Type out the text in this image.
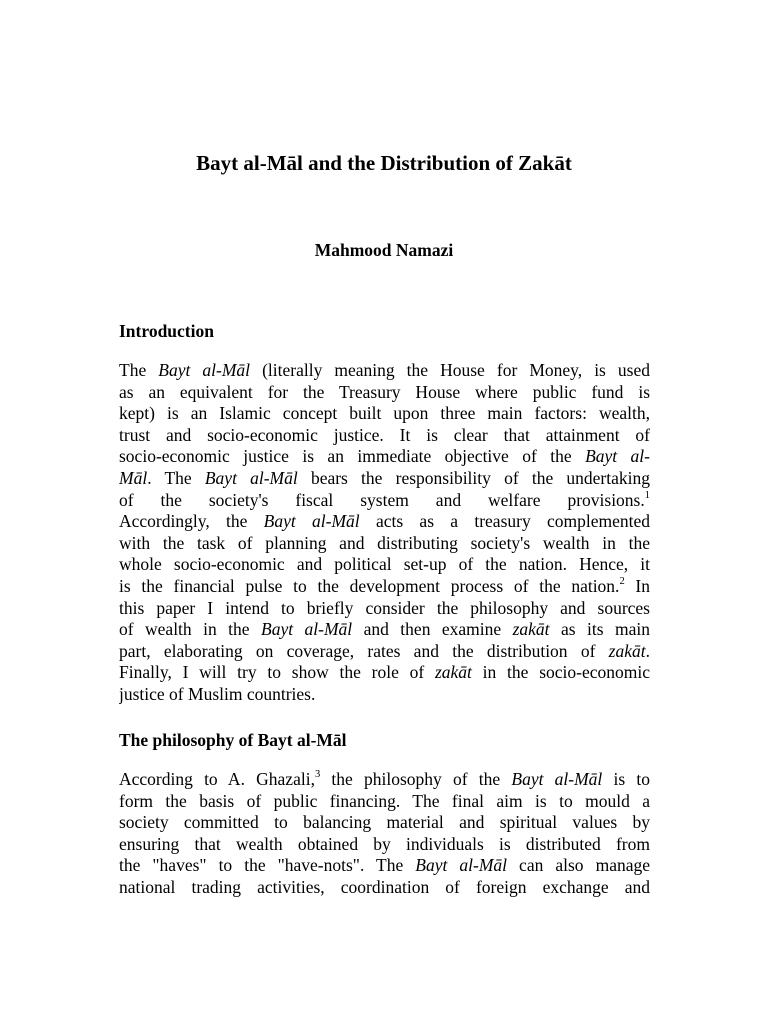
Bayt al-Māl and the Distribution of Zakāt
Mahmood Namazi
Introduction
The Bayt al-Māl (literally meaning the House for Money, is used
as an equivalent for the Treasury House where public fund is
kept) is an Islamic concept built upon three main factors: wealth,
trust and socio-economic justice. It is clear that attainment of
socio-economic justice is an immediate objective of the Bayt al-
Māl. The Bayt al-Māl bears the responsibility of the undertaking
of the society's fiscal system and welfare provisions.$^1$
Accordingly, the Bayt al-Māl acts as a treasury complemented
with the task of planning and distributing society's wealth in the
whole socio-economic and political set-up of the nation. Hence, it
is the financial pulse to the development process of the nation.$^2$ In
this paper I intend to briefly consider the philosophy and sources
of wealth in the Bayt al-Māl and then examine zakāt as its main
part, elaborating on coverage, rates and the distribution of zakāt.
Finally, I will try to show the role of zakāt in the socio-economic
justice of Muslim countries.
The philosophy of Bayt al-Māl
According to A. Ghazali,$^3$ the philosophy of the Bayt al-Māl is to
form the basis of public financing. The final aim is to mould a
society committed to balancing material and spiritual values by
ensuring that wealth obtained by individuals is distributed from
the "haves" to the "have-nots". The Bayt al-Māl can also manage
national trading activities, coordination of foreign exchange and
